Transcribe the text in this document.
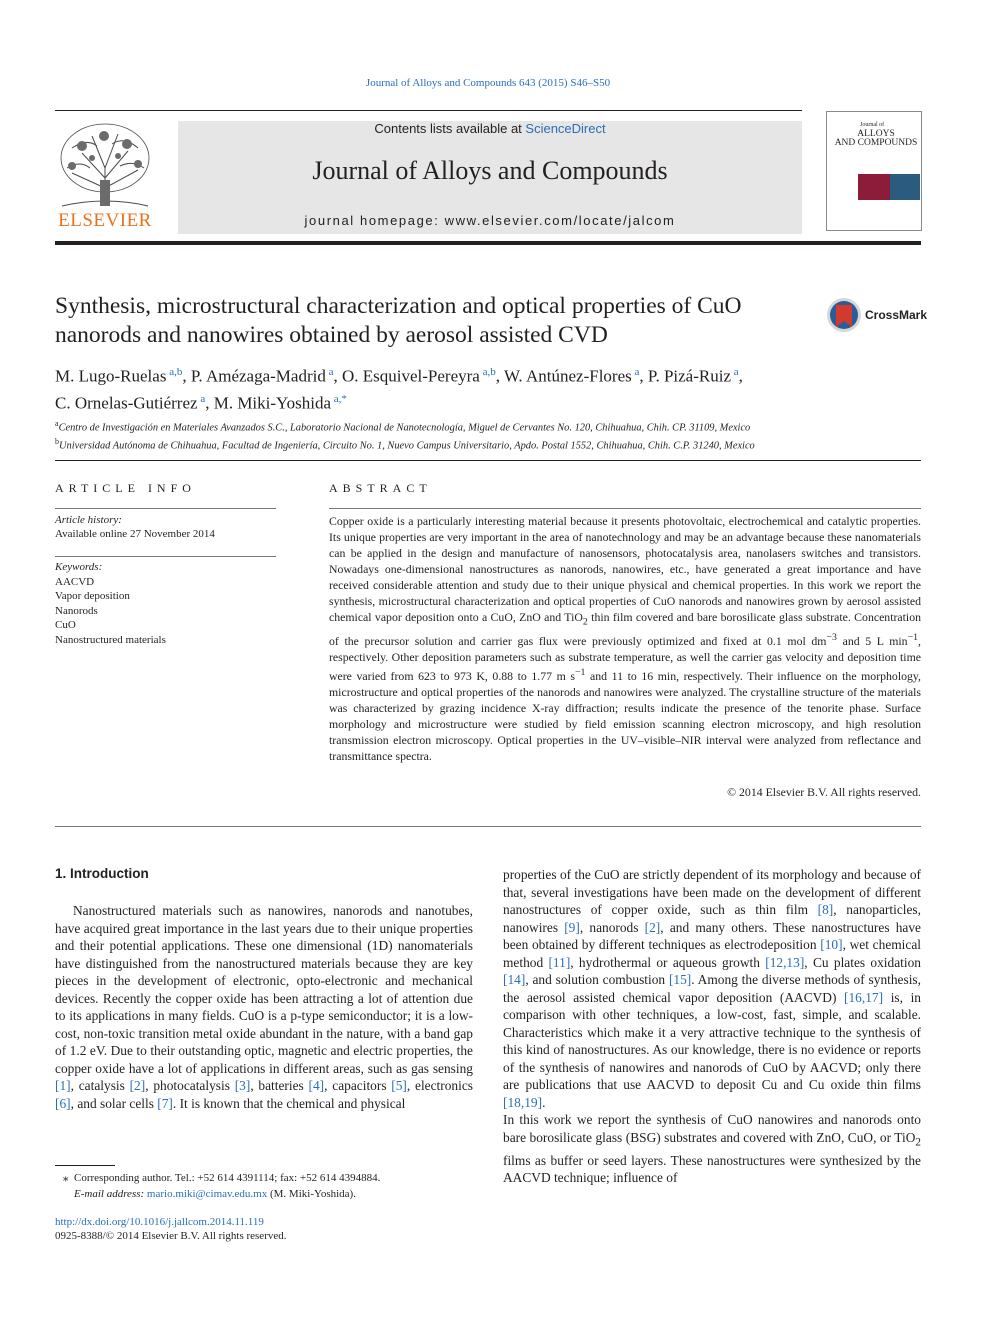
Journal of Alloys and Compounds 643 (2015) S46–S50
Contents lists available at ScienceDirect
Journal of Alloys and Compounds
journal homepage: www.elsevier.com/locate/jalcom
ELSEVIER
Journal of
ALLOYS
AND COMPOUNDS
Synthesis, microstructural characterization and optical properties of CuO nanorods and nanowires obtained by aerosol assisted CVD
CrossMark
M. Lugo-Ruelas $^{a,b}$, P. Amézaga-Madrid $^a$, O. Esquivel-Pereyra $^{a,b}$, W. Antúnez-Flores $^a$, P. Pizá-Ruiz $^a$,
C. Ornelas-Gutiérrez $^a$, M. Miki-Yoshida $^{a,*}$
$^a$Centro de Investigación en Materiales Avanzados S.C., Laboratorio Nacional de Nanotecnología, Miguel de Cervantes No. 120, Chihuahua, Chih. CP. 31109, Mexico
$^b$Universidad Autónoma de Chihuahua, Facultad de Ingeniería, Circuito No. 1, Nuevo Campus Universitario, Apdo. Postal 1552, Chihuahua, Chih. C.P. 31240, Mexico
ARTICLE INFO
Article history:
Available online 27 November 2014
Keywords:
AACVD
Vapor deposition
Nanorods
CuO
Nanostructured materials
ABSTRACT
Copper oxide is a particularly interesting material because it presents photovoltaic, electrochemical and catalytic properties. Its unique properties are very important in the area of nanotechnology and may be an advantage because these nanomaterials can be applied in the design and manufacture of nanosensors, photocatalysis area, nanolasers switches and transistors. Nowadays one-dimensional nanostructures as nanorods, nanowires, etc., have generated a great importance and have received considerable attention and study due to their unique physical and chemical properties. In this work we report the synthesis, microstructural characterization and optical properties of CuO nanorods and nanowires grown by aerosol assisted chemical vapor deposition onto a CuO, ZnO and TiO$_2$ thin film covered and bare borosilicate glass substrate. Concentration of the precursor solution and carrier gas flux were previously optimized and fixed at 0.1 mol $dm^{-3}$ and 5 L $\min^{-1}$, respectively. Other deposition parameters such as substrate temperature, as well the carrier gas velocity and deposition time were varied from 623 to 973 K, 0.88 to 1.77 m $s^{-1}$ and 11 to 16 min, respectively. Their influence on the morphology, microstructure and optical properties of the nanorods and nanowires were analyzed. The crystalline structure of the materials was characterized by grazing incidence X-ray diffraction; results indicate the presence of the tenorite phase. Surface morphology and microstructure were studied by field emission scanning electron microscopy, and high resolution transmission electron microscopy. Optical properties in the UV–visible–NIR interval were analyzed from reflectance and transmittance spectra.
© 2014 Elsevier B.V. All rights reserved.
1. Introduction
Nanostructured materials such as nanowires, nanorods and nanotubes, have acquired great importance in the last years due to their unique properties and their potential applications. These one dimensional (1D) nanomaterials have distinguished from the nanostructured materials because they are key pieces in the development of electronic, opto-electronic and mechanical devices. Recently the copper oxide has been attracting a lot of attention due to its applications in many fields. CuO is a p-type semiconductor; it is a low-cost, non-toxic transition metal oxide abundant in the nature, with a band gap of 1.2 eV. Due to their outstanding optic, magnetic and electric properties, the copper oxide have a lot of applications in different areas, such as gas sensing [1], catalysis [2], photocatalysis [3], batteries [4], capacitors [5], electronics [6], and solar cells [7]. It is known that the chemical and physical
properties of the CuO are strictly dependent of its morphology and because of that, several investigations have been made on the development of different nanostructures of copper oxide, such as thin film [8], nanoparticles, nanowires [9], nanorods [2], and many others. These nanostructures have been obtained by different techniques as electrodeposition [10], wet chemical method [11], hydrothermal or aqueous growth [12,13], Cu plates oxidation [14], and solution combustion [15]. Among the diverse methods of synthesis, the aerosol assisted chemical vapor deposition (AACVD) [16,17] is, in comparison with other techniques, a low-cost, fast, simple, and scalable. Characteristics which make it a very attractive technique to the synthesis of this kind of nanostructures. As our knowledge, there is no evidence or reports of the synthesis of nanowires and nanorods of CuO by AACVD; only there are publications that use AACVD to deposit Cu and Cu oxide thin films [18,19].
In this work we report the synthesis of CuO nanowires and nanorods onto bare borosilicate glass (BSG) substrates and covered with ZnO, CuO, or TiO$_2$ films as buffer or seed layers. These nanostructures were synthesized by the AACVD technique; influence of
⁎ Corresponding author. Tel.: +52 614 4391114; fax: +52 614 4394884.
E-mail address: mario.miki@cimav.edu.mx (M. Miki-Yoshida).
http://dx.doi.org/10.1016/j.jallcom.2014.11.119
0925-8388/© 2014 Elsevier B.V. All rights reserved.
